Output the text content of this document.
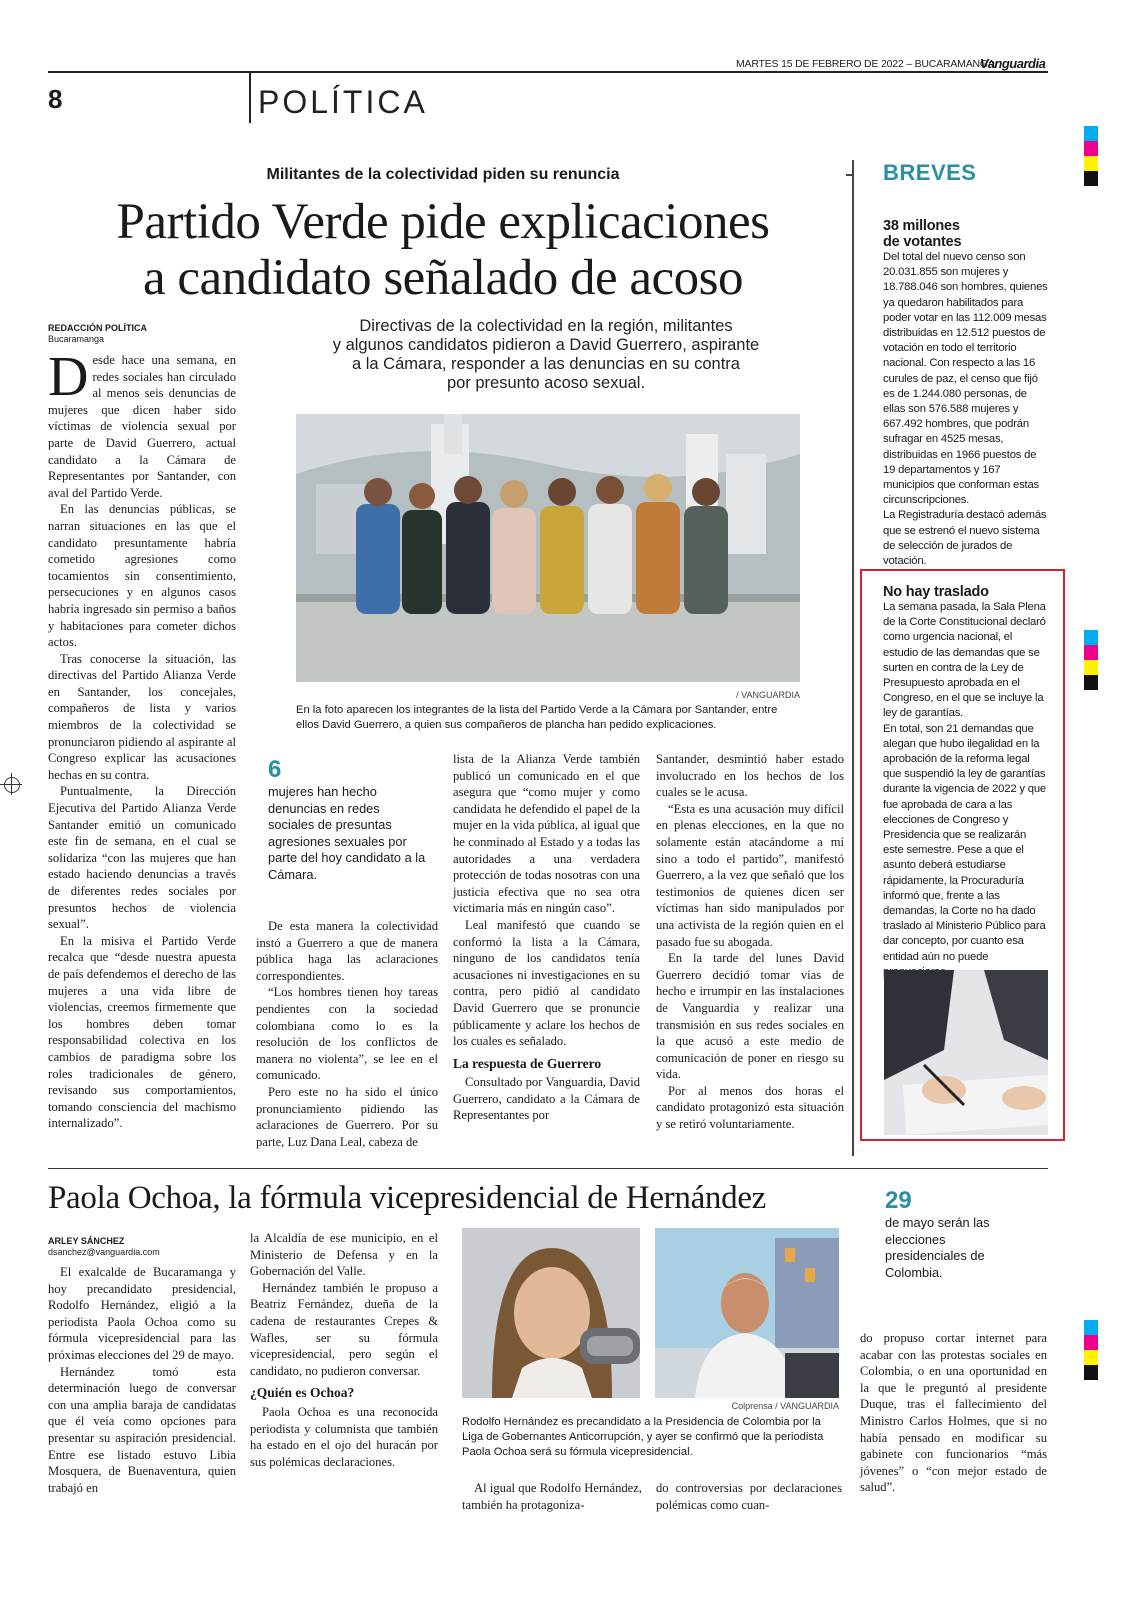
MARTES 15 DE FEBRERO DE 2022 – BUCARAMANGA
Vanguardia
8	POLÍTICA
Militantes de la colectividad piden su renuncia
Partido Verde pide explicaciones
a candidato señalado de acoso
REDACCIÓN POLÍTICA
Bucaramanga
Directivas de la colectividad en la región, militantes
y algunos candidatos pidieron a David Guerrero, aspirante
a la Cámara, responder a las denuncias en su contra
por presunto acoso sexual.
/ VANGUARDIA
En la foto aparecen los integrantes de la lista del Partido Verde a la Cámara por Santander, entre ellos David Guerrero, a quien sus compañeros de plancha han pedido explicaciones.

Desde hace una semana, en redes sociales han circulado al menos seis denuncias de mujeres que dicen haber sido víctimas de violencia sexual por parte de David Guerrero, actual candidato a la Cámara de Representantes por Santander, con aval del Partido Verde.

En las denuncias públicas, se narran situaciones en las que el candidato presuntamente habría cometido agresiones como tocamientos sin consentimiento, persecuciones y en algunos casos habría ingresado sin permiso a baños y habitaciones para cometer dichos actos.

Tras conocerse la situación, las directivas del Partido Alianza Verde en Santander, los concejales, compañeros de lista y varios miembros de la colectividad se pronunciaron pidiendo al aspirante al Congreso explicar las acusaciones hechas en su contra.

Puntualmente, la Dirección Ejecutiva del Partido Alianza Verde Santander emitió un comunicado este fin de semana, en el cual se solidariza “con las mujeres que han estado haciendo denuncias a través de diferentes redes sociales por presuntos hechos de violencia sexual”.

En la misiva el Partido Verde recalca que “desde nuestra apuesta de país defendemos el derecho de las mujeres a una vida libre de violencias, creemos firmemente que los hombres deben tomar responsabilidad colectiva en los cambios de paradigma sobre los roles tradicionales de género, revisando sus comportamientos, tomando consciencia del machismo internalizado”.

6
mujeres han hecho denuncias en redes sociales de presuntas agresiones sexuales por parte del hoy candidato a la Cámara.

De esta manera la colectividad instó a Guerrero a que de manera pública haga las aclaraciones correspondientes.

“Los hombres tienen hoy tareas pendientes con la sociedad colombiana como lo es la resolución de los conflictos de manera no violenta”, se lee en el comunicado.

Pero este no ha sido el único pronunciamiento pidiendo las aclaraciones de Guerrero. Por su parte, Luz Dana Leal, cabeza de

lista de la Alianza Verde también publicó un comunicado en el que asegura que “como mujer y como candidata he defendido el papel de la mujer en la vida pública, al igual que he conminado al Estado y a todas las autoridades a una verdadera protección de todas nosotras con una justicia efectiva que no sea otra victimaria más en ningún caso”.

Leal manifestó que cuando se conformó la lista a la Cámara, ninguno de los candidatos tenía acusaciones ni investigaciones en su contra, pero pidió al candidato David Guerrero que se pronuncie públicamente y aclare los hechos de los cuales es señalado.

La respuesta de Guerrero

Consultado por Vanguardia, David Guerrero, candidato a la Cámara de Representantes por

Santander, desmintió haber estado involucrado en los hechos de los cuales se le acusa.

“Esta es una acusación muy difícil en plenas elecciones, en la que no solamente están atacándome a mí sino a todo el partido”, manifestó Guerrero, a la vez que señaló que los testimonios de quienes dicen ser víctimas han sido manipulados por una activista de la región quien en el pasado fue su abogada.

En la tarde del lunes David Guerrero decidió tomar vías de hecho e irrumpir en las instalaciones de Vanguardia y realizar una transmisión en sus redes sociales en la que acusó a este medio de comunicación de poner en riesgo su vida.

Por al menos dos horas el candidato protagonizó esta situación y se retiró voluntariamente.

BREVES
38 millones
de votantes

Del total del nuevo censo son 20.031.855 son mujeres y 18.788.046 son hombres, quienes ya quedaron habilitados para poder votar en las 112.009 mesas distribuidas en 12.512 puestos de votación en todo el territorio nacional. Con respecto a las 16 curules de paz, el censo que fijó es de 1.244.080 personas, de ellas son 576.588 mujeres y 667.492 hombres, que podrán sufragar en 4525 mesas, distribuidas en 1966 puestos de 19 departamentos y 167 municipios que conforman estas circunscripciones.

La Registraduría destacó además que se estrenó el nuevo sistema de selección de jurados de votación.

No hay traslado

La semana pasada, la Sala Plena de la Corte Constitucional declaró como urgencia nacional, el estudio de las demandas que se surten en contra de la Ley de Presupuesto aprobada en el Congreso, en el que se incluye la ley de garantías.

En total, son 21 demandas que alegan que hubo ilegalidad en la aprobación de la reforma legal que suspendió la ley de garantías durante la vigencia de 2022 y que fue aprobada de cara a las elecciones de Congreso y Presidencia que se realizarán este semestre. Pese a que el asunto deberá estudiarse rápidamente, la Procuraduría informó que, frente a las demandas, la Corte no ha dado traslado al Ministerio Público para dar concepto, por cuanto esa entidad aún no puede

Paola Ochoa, la fórmula vicepresidencial de Hernández	29
de mayo serán las elecciones presidenciales de Colombia.
ARLEY SÁNCHEZ
dsanchez@vanguardia.com

El exalcalde de Bucaramanga y hoy precandidato presidencial, Rodolfo Hernández, eligió a la periodista Paola Ochoa como su fórmula vicepresidencial para las próximas elecciones del 29 de mayo.

Hernández tomó esta determinación luego de conversar con una amplia baraja de candidatas que él veía como opciones para presentar su aspiración presidencial. Entre ese listado estuvo Libia Mosquera, de Buenaventura, quien trabajó en

la Alcaldía de ese municipio, en el Ministerio de Defensa y en la Gobernación del Valle.

Hernández también le propuso a Beatriz Fernández, dueña de la cadena de restaurantes Crepes & Wafles, ser su fórmula vicepresidencial, pero según el candidato, no pudieron conversar.

¿Quién es Ochoa?

Paola Ochoa es una reconocida periodista y columnista que también ha estado en el ojo del huracán por sus polémicas declaraciones.

Colprensa / VANGUARDIA
Rodolfo Hernández es precandidato a la Presidencia de Colombia por la Liga de Gobernantes Anticorrupción, y ayer se confirmó que la periodista Paola Ochoa será su fórmula vicepresidencial.

Al igual que Rodolfo Hernández, también ha protagoniza-

do controversias por declaraciones polémicas como cuan-

do propuso cortar internet para acabar con las protestas sociales en Colombia, o en una oportunidad en la que le preguntó al presidente Duque, tras el fallecimiento del Ministro Carlos Holmes, que si no había pensado en modificar su gabinete con funcionarios “más jóvenes” o “con mejor estado de salud”.
